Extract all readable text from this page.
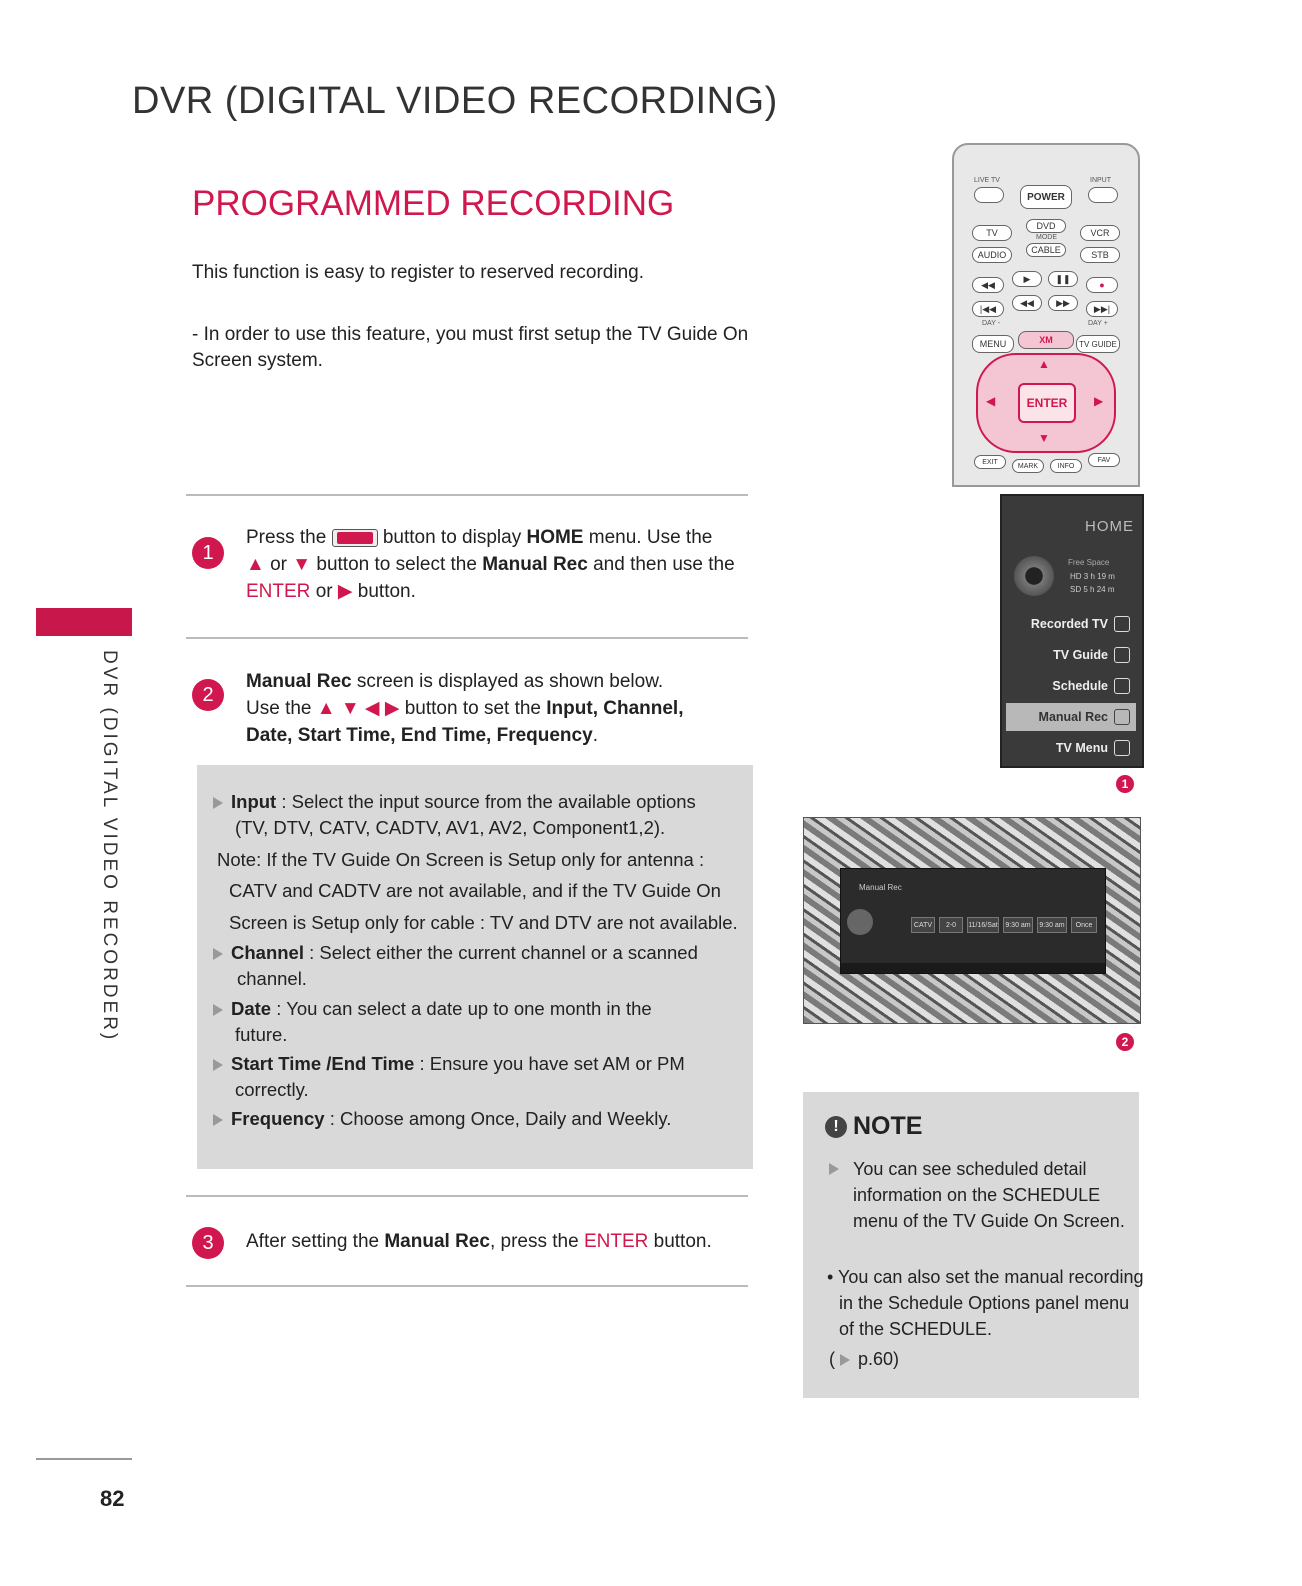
DVR (DIGITAL VIDEO RECORDING)
PROGRAMMED RECORDING
This function is easy to register to reserved recording.
- In order to use this feature, you must first setup the TV Guide On Screen system.
DVR (DIGITAL VIDEO RECORDER)
1
Press the	button to display HOME menu. Use the
▲ or ▼ button to select the Manual Rec and then use the
ENTER or ▶ button.
2
Manual Rec screen is displayed as shown below.
Use the ▲ ▼ ◀ ▶ button to set the Input, Channel,
Date, Start Time, End Time, Frequency.
Input : Select the input source from the available options
(TV, DTV, CATV, CADTV, AV1, AV2, Component1,2).
Note: If the TV Guide On Screen is Setup only for antenna :
CATV and CADTV are not available, and if the TV Guide On
Screen is Setup only for cable : TV and DTV are not available.
Channel : Select either the current channel or a scanned
channel.
Date : You can select a date up to one month in the
future.
Start Time /End Time : Ensure you have set AM or PM
correctly.
Frequency : Choose among Once, Daily and Weekly.
3	After setting the Manual Rec, press the ENTER button.
LIVE TV	INPUT
POWER
TV
DVD
VCR
MODE
AUDIO	CABLE	STB
◀◀
▶	❚❚
●
|◀◀
◀◀	▶▶
▶▶|
DAY -	DAY +
MENU	XM	TV GUIDE
▲
▼
◀	▶
ENTER
EXIT
MARK	INFO
FAV
HOME
Free Space
HD 3 h 19 m
SD 5 h 24 m
Recorded TV
TV Guide
Schedule
Manual Rec
TV Menu
1
Manual Rec
CATV	2-0	11/16/Sat	9:30 am	9:30 am	Once
2
! NOTE
You can see scheduled detail information on the SCHEDULE menu of the TV Guide On Screen.
• You can also set the manual recording in the Schedule Options panel menu of the SCHEDULE.
( p.60)
82
